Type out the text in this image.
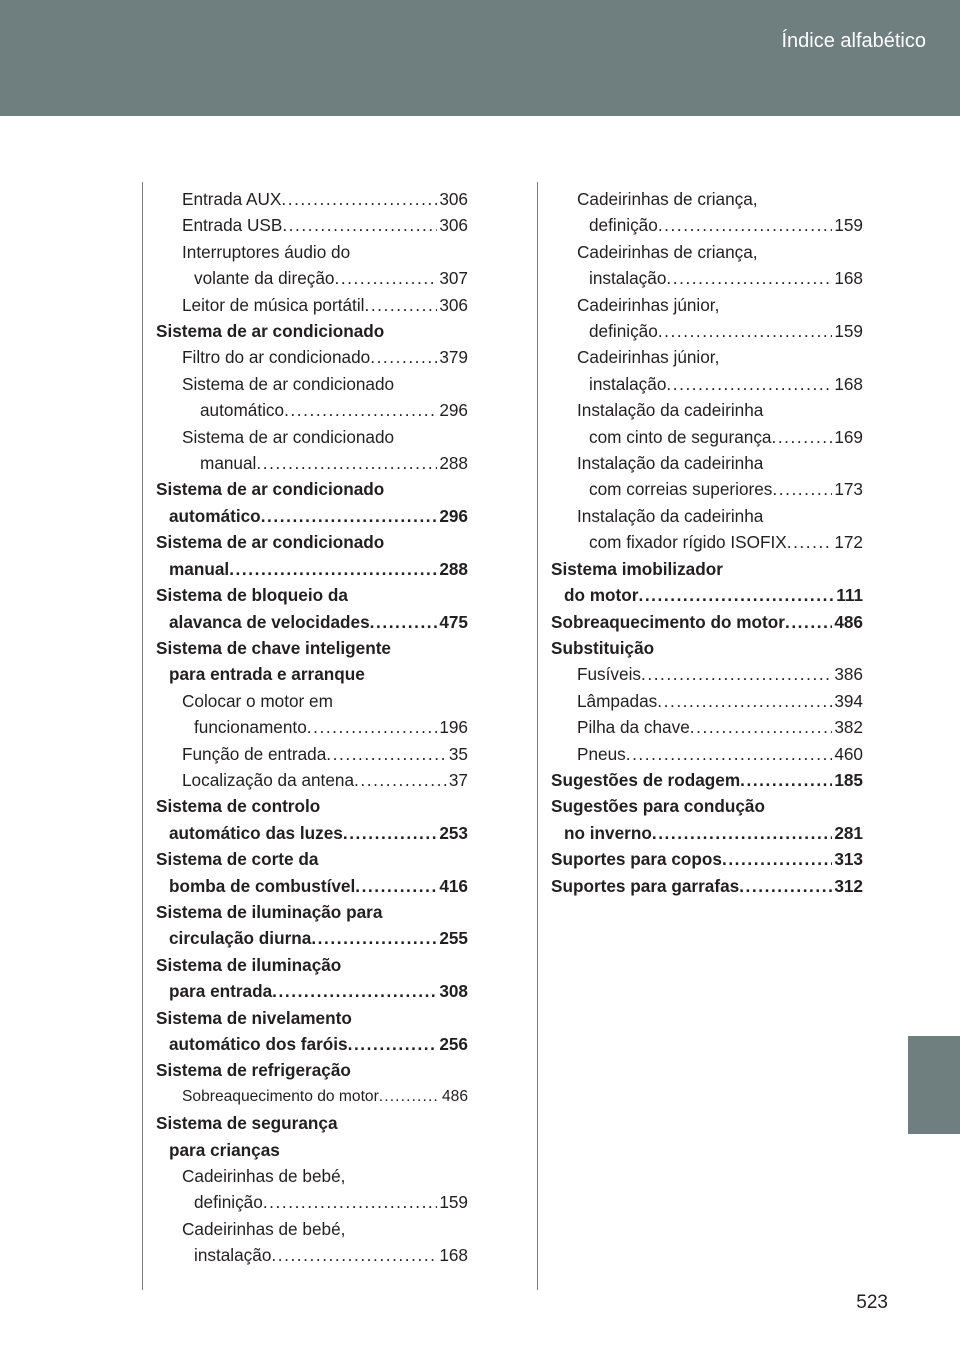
Índice alfabético
Entrada AUX . . .	306
Entrada USB . . .	306
Interruptores áudio do
volante da direção . . .	307
Leitor de música portátil . . .	306
Sistema de ar condicionado
Filtro do ar condicionado . . .	379
Sistema de ar condicionado
automático . . .	296
Sistema de ar condicionado
manual . . .	288
Sistema de ar condicionado
automático . . .	296
Sistema de ar condicionado
manual . . .	288
Sistema de bloqueio da
alavanca de velocidades . . .	475
Sistema de chave inteligente
para entrada e arranque
Colocar o motor em
funcionamento . . .	196
Função de entrada . . .	35
Localização da antena . . .	37
Sistema de controlo
automático das luzes . . .	253
Sistema de corte da
bomba de combustível . . .	416
Sistema de iluminação para
circulação diurna . . .	255
Sistema de iluminação
para entrada . . .	308
Sistema de nivelamento
automático dos faróis . . .	256
Sistema de refrigeração
Sobreaquecimento do motor . . .	486
Sistema de segurança
para crianças
Cadeirinhas de bebé,
definição . . .	159
Cadeirinhas de bebé,
instalação . . .	168
Cadeirinhas de criança,
definição . . .	159
Cadeirinhas de criança,
instalação . . .	168
Cadeirinhas júnior,
definição . . .	159
Cadeirinhas júnior,
instalação . . .	168
Instalação da cadeirinha
com cinto de segurança . . .	169
Instalação da cadeirinha
com correias superiores . . .	173
Instalação da cadeirinha
com fixador rígido ISOFIX . . .	172
Sistema imobilizador
do motor . . .	111
Sobreaquecimento do motor . . .	486
Substituição
Fusíveis . . .	386
Lâmpadas . . .	394
Pilha da chave . . .	382
Pneus . . .	460
Sugestões de rodagem . . .	185
Sugestões para condução
no inverno . . .	281
Suportes para copos . . .	313
Suportes para garrafas . . .	312
523
